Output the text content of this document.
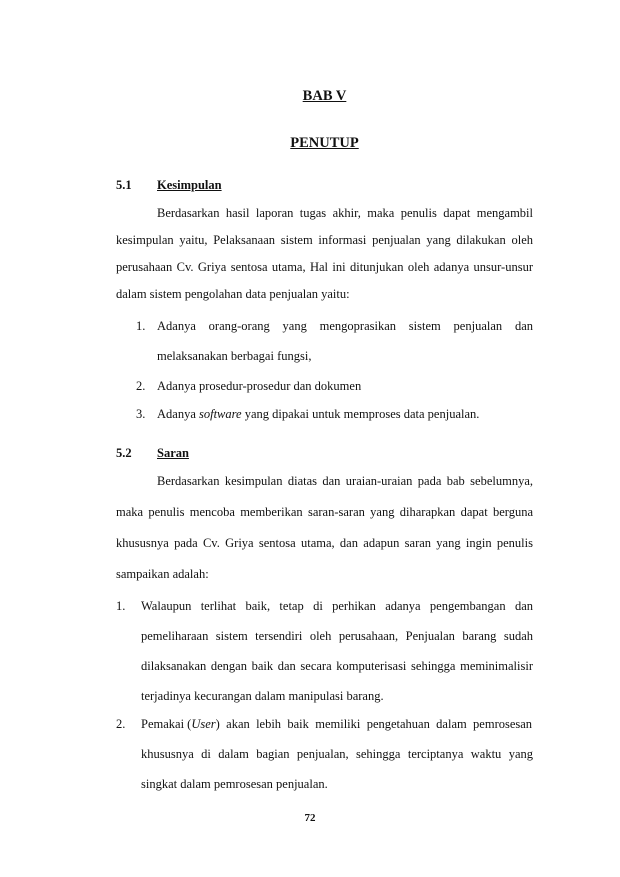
BAB V
PENUTUP
5.1 Kesimpulan
Berdasarkan hasil laporan tugas akhir, maka penulis dapat mengambil
kesimpulan yaitu, Pelaksanaan sistem informasi penjualan yang dilakukan oleh
perusahaan Cv. Griya sentosa utama, Hal ini ditunjukan oleh adanya unsur-unsur
dalam sistem pengolahan data penjualan yaitu:
1. Adanya orang-orang yang mengoprasikan sistem penjualan dan
melaksanakan berbagai fungsi,
2. Adanya prosedur-prosedur dan dokumen
3. Adanya software yang dipakai untuk memproses data penjualan.
5.2 Saran
Berdasarkan kesimpulan diatas dan uraian-uraian pada bab sebelumnya,
maka penulis mencoba memberikan saran-saran yang diharapkan dapat berguna
khususnya pada Cv. Griya sentosa utama, dan adapun saran yang ingin penulis
sampaikan adalah:
1. Walaupun terlihat baik, tetap di perhikan adanya pengembangan dan
pemeliharaan sistem tersendiri oleh perusahaan, Penjualan barang sudah
dilaksanakan dengan baik dan secara komputerisasi sehingga meminimalisir
terjadinya kecurangan dalam manipulasi barang.
2. Pemakai (User) akan lebih baik memiliki pengetahuan dalam pemrosesan
khususnya di dalam bagian penjualan, sehingga terciptanya waktu yang
singkat dalam pemrosesan penjualan.
72
